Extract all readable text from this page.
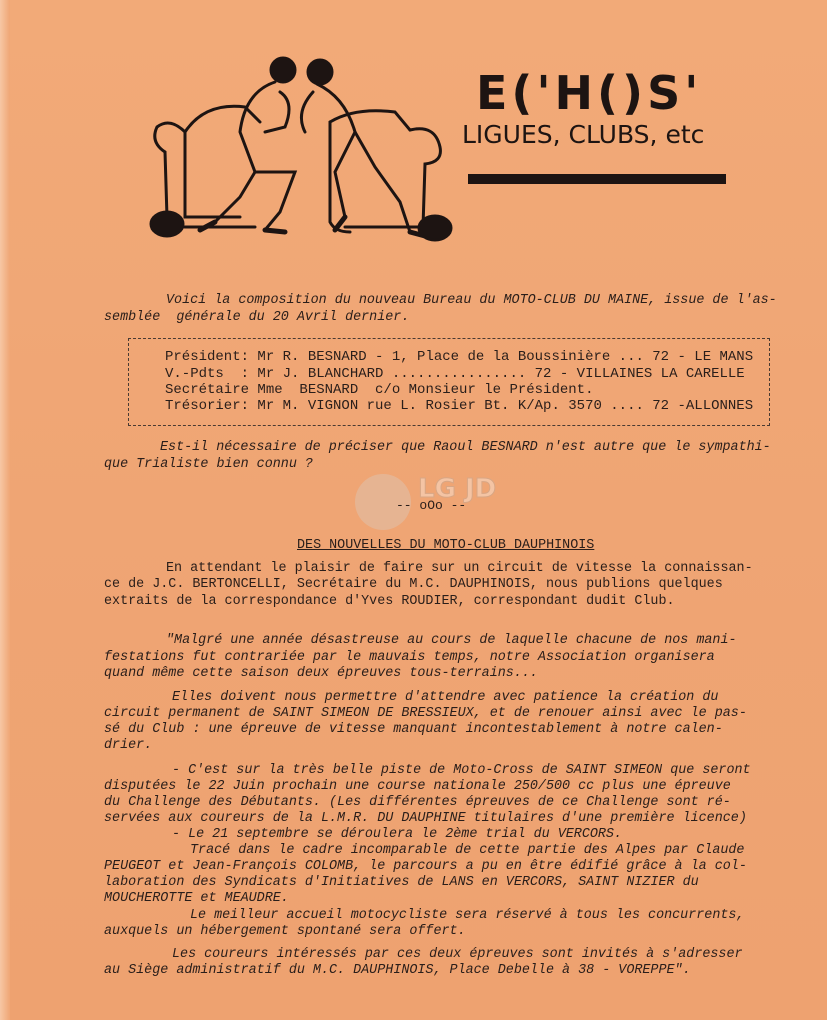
E('H()S'
LIGUES, CLUBS, etc
Voici la composition du nouveau Bureau du MOTO-CLUB DU MAINE, issue de l'as-
semblée  générale du 20 Avril dernier.
Président: Mr R. BESNARD - 1, Place de la Boussinière ... 72 - LE MANS
V.-Pdts  : Mr J. BLANCHARD ................ 72 - VILLAINES LA CARELLE
Secrétaire Mme  BESNARD  c/o Monsieur le Président.
Trésorier: Mr M. VIGNON rue L. Rosier Bt. K/Ap. 3570 .... 72 -ALLONNES
Est-il nécessaire de préciser que Raoul BESNARD n'est autre que le sympathi-
que Trialiste bien connu ?
LG JD
-- oOo --
DES NOUVELLES DU MOTO-CLUB DAUPHINOIS
En attendant le plaisir de faire sur un circuit de vitesse la connaissan-
ce de J.C. BERTONCELLI, Secrétaire du M.C. DAUPHINOIS, nous publions quelques
extraits de la correspondance d'Yves ROUDIER, correspondant dudit Club.
"Malgré une année désastreuse au cours de laquelle chacune de nos mani-
festations fut contrariée par le mauvais temps, notre Association organisera
quand même cette saison deux épreuves tous-terrains...
Elles doivent nous permettre d'attendre avec patience la création du
circuit permanent de SAINT SIMEON DE BRESSIEUX, et de renouer ainsi avec le pas-
sé du Club : une épreuve de vitesse manquant incontestablement à notre calen-
drier.
- C'est sur la très belle piste de Moto-Cross de SAINT SIMEON que seront
disputées le 22 Juin prochain une course nationale 250/500 cc plus une épreuve
du Challenge des Débutants. (Les différentes épreuves de ce Challenge sont ré-
servées aux coureurs de la L.M.R. DU DAUPHINE titulaires d'une première licence)
- Le 21 septembre se déroulera le 2ème trial du VERCORS.
Tracé dans le cadre incomparable de cette partie des Alpes par Claude
PEUGEOT et Jean-François COLOMB, le parcours a pu en être édifié grâce à la col-
laboration des Syndicats d'Initiatives de LANS en VERCORS, SAINT NIZIER du
MOUCHEROTTE et MEAUDRE.
Le meilleur accueil motocycliste sera réservé à tous les concurrents,
auxquels un hébergement spontané sera offert.
Les coureurs intéressés par ces deux épreuves sont invités à s'adresser
au Siège administratif du M.C. DAUPHINOIS, Place Debelle à 38 - VOREPPE".
